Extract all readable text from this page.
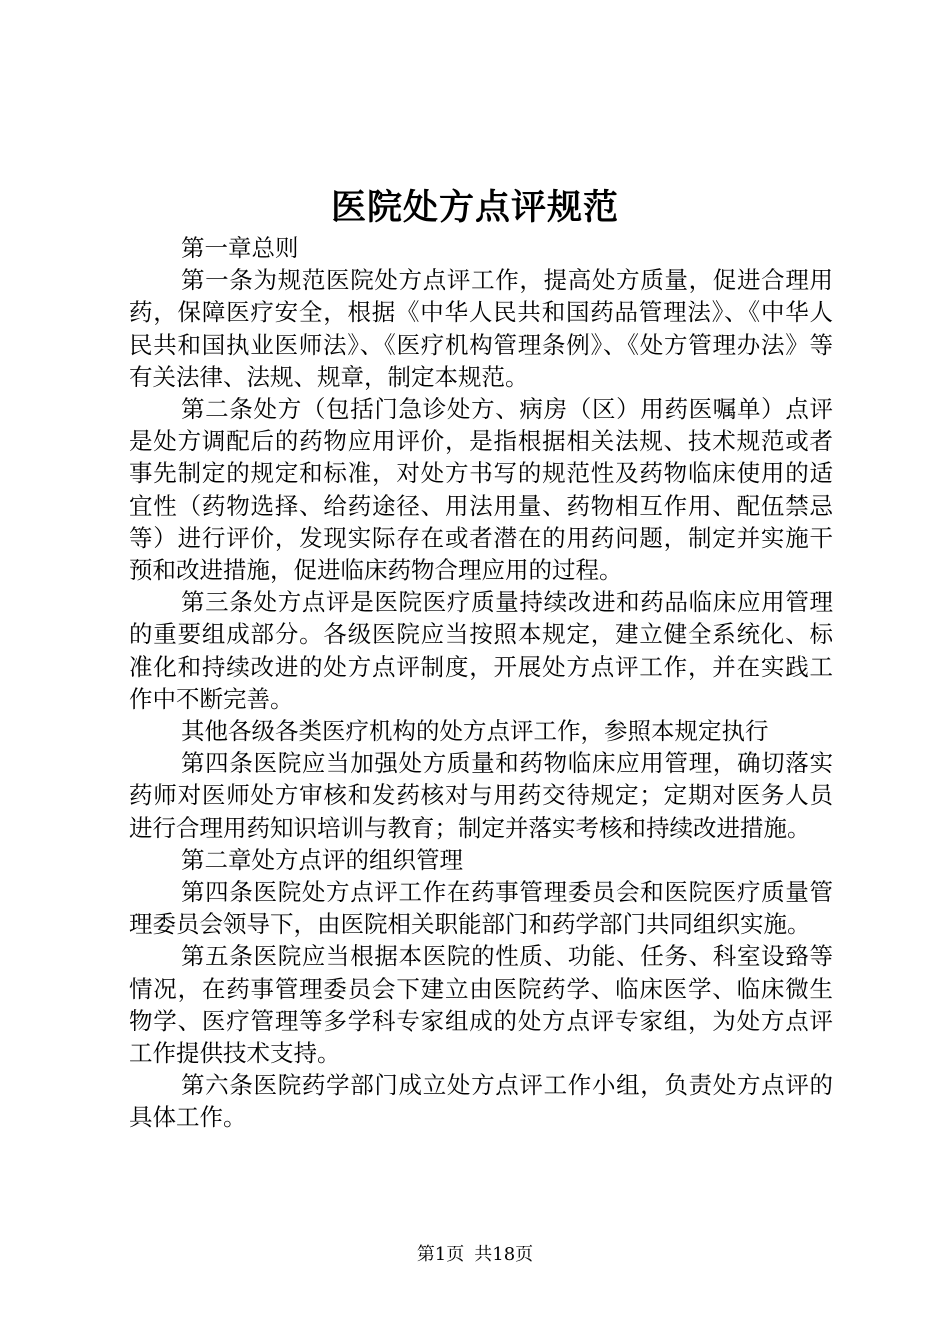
医院处方点评规范

第一章总则

第一条为规范医院处方点评工作，提高处方质量，促进合理用药，保障医疗安全，根据《中华人民共和国药品管理法》、《中华人民共和国执业医师法》、《医疗机构管理条例》、《处方管理办法》等有关法律、法规、规章，制定本规范。

第二条处方（包括门急诊处方、病房（区）用药医嘱单）点评是处方调配后的药物应用评价，是指根据相关法规、技术规范或者事先制定的规定和标准，对处方书写的规范性及药物临床使用的适宜性（药物选择、给药途径、用法用量、药物相互作用、配伍禁忌等）进行评价，发现实际存在或者潜在的用药问题，制定并实施干预和改进措施，促进临床药物合理应用的过程。

第三条处方点评是医院医疗质量持续改进和药品临床应用管理的重要组成部分。各级医院应当按照本规定，建立健全系统化、标准化和持续改进的处方点评制度，开展处方点评工作，并在实践工作中不断完善。

其他各级各类医疗机构的处方点评工作，参照本规定执行

第四条医院应当加强处方质量和药物临床应用管理，确切落实药师对医师处方审核和发药核对与用药交待规定；定期对医务人员进行合理用药知识培训与教育；制定并落实考核和持续改进措施。

第二章处方点评的组织管理

第四条医院处方点评工作在药事管理委员会和医院医疗质量管理委员会领导下，由医院相关职能部门和药学部门共同组织实施。

第五条医院应当根据本医院的性质、功能、任务、科室设臵等情况，在药事管理委员会下建立由医院药学、临床医学、临床微生物学、医疗管理等多学科专家组成的处方点评专家组，为处方点评工作提供技术支持。

第六条医院药学部门成立处方点评工作小组，负责处方点评的具体工作。

第1页 共18页
